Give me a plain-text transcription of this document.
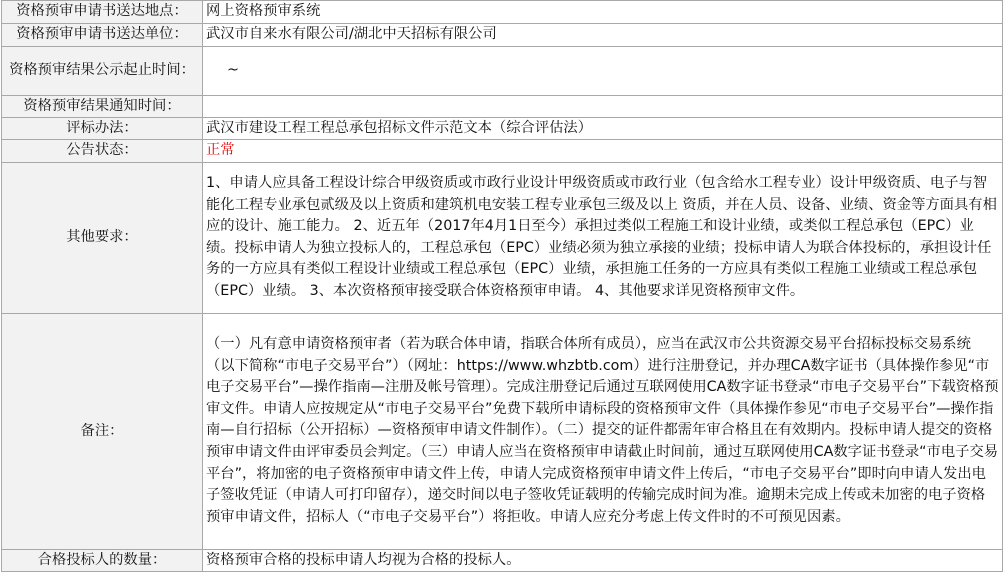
资格预审申请书送达地点：	网上资格预审系统
资格预审申请书送达单位：	武汉市自来水有限公司/湖北中天招标有限公司
资格预审结果公示起止时间：	~
资格预审结果通知时间：	
评标办法：	武汉市建设工程工程总承包招标文件示范文本（综合评估法）
公告状态：	正常
其他要求：	1、申请人应具备工程设计综合甲级资质或市政行业设计甲级资质或市政行业（包含给水工程专业）设计甲级资质、电子与智能化工程专业承包贰级及以上资质和建筑机电安装工程专业承包三级及以上 资质，并在人员、设备、业绩、资金等方面具有相应的设计、施工能力。 2、近五年（2017年4月1日至今）承担过类似工程施工和设计业绩，或类似工程总承包（EPC）业绩。投标申请人为独立投标人的，工程总承包（EPC）业绩必须为独立承接的业绩；投标申请人为联合体投标的，承担设计任务的一方应具有类似工程设计业绩或工程总承包（EPC）业绩，承担施工任务的一方应具有类似工程施工业绩或工程总承包（EPC）业绩。 3、本次资格预审接受联合体资格预审申请。 4、其他要求详见资格预审文件。
备注：	（一）凡有意申请资格预审者（若为联合体申请，指联合体所有成员），应当在武汉市公共资源交易平台招标投标交易系统（以下简称“市电子交易平台”）（网址：https://www.whzbtb.com）进行注册登记，并办理CA数字证书（具体操作参见“市电子交易平台”—操作指南—注册及帐号管理）。完成注册登记后通过互联网使用CA数字证书登录“市电子交易平台”下载资格预审文件。申请人应按规定从“市电子交易平台”免费下载所申请标段的资格预审文件（具体操作参见“市电子交易平台”—操作指南—自行招标（公开招标）—资格预审申请文件制作）。（二）提交的证件都需年审合格且在有效期内。投标申请人提交的资格预审申请文件由评审委员会判定。（三）申请人应当在资格预审申请截止时间前，通过互联网使用CA数字证书登录“市电子交易平台”，将加密的电子资格预审申请文件上传，申请人完成资格预审申请文件上传后，“市电子交易平台”即时向申请人发出电子签收凭证（申请人可打印留存），递交时间以电子签收凭证载明的传输完成时间为准。逾期未完成上传或未加密的电子资格预审申请文件，招标人（“市电子交易平台”）将拒收。申请人应充分考虑上传文件时的不可预见因素。
合格投标人的数量：	资格预审合格的投标申请人均视为合格的投标人。
